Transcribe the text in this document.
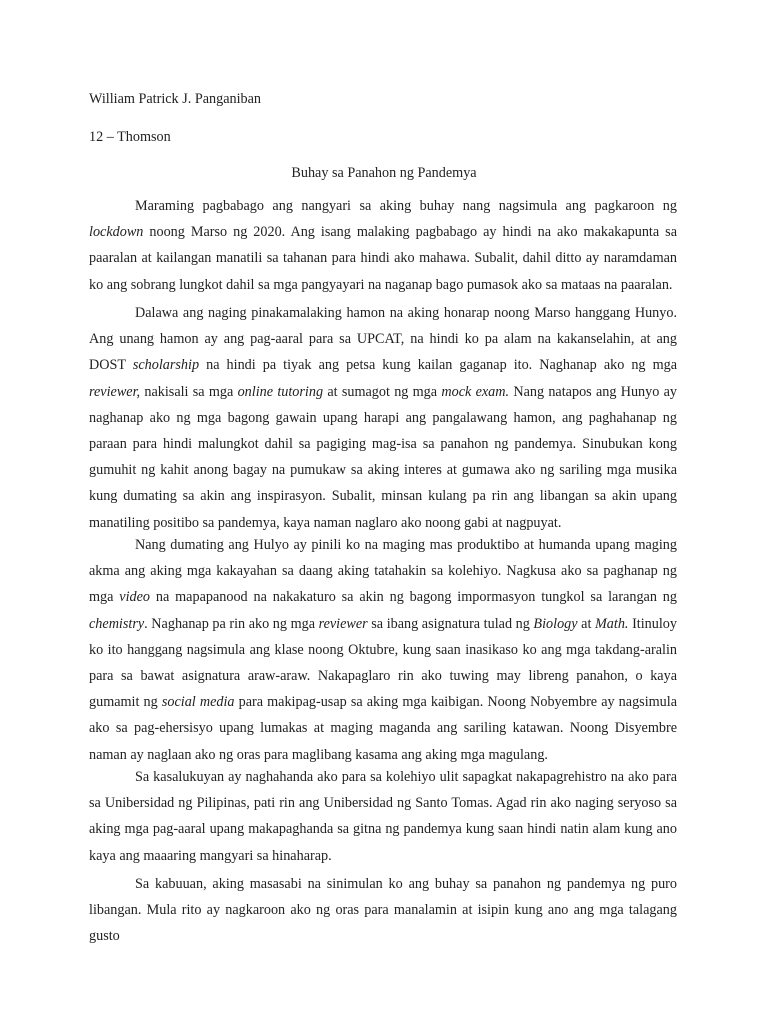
William Patrick J. Panganiban

12 – Thomson

Buhay sa Panahon ng Pandemya

Maraming pagbabago ang nangyari sa aking buhay nang nagsimula ang pagkaroon ng lockdown noong Marso ng 2020. Ang isang malaking pagbabago ay hindi na ako makakapunta sa paaralan at kailangan manatili sa tahanan para hindi ako mahawa. Subalit, dahil ditto ay naramdaman ko ang sobrang lungkot dahil sa mga pangyayari na naganap bago pumasok ako sa mataas na paaralan.

Dalawa ang naging pinakamalaking hamon na aking honarap noong Marso hanggang Hunyo. Ang unang hamon ay ang pag-aaral para sa UPCAT, na hindi ko pa alam na kakanselahin, at ang DOST scholarship na hindi pa tiyak ang petsa kung kailan gaganap ito. Naghanap ako ng mga reviewer, nakisali sa mga online tutoring at sumagot ng mga mock exam. Nang natapos ang Hunyo ay naghanap ako ng mga bagong gawain upang harapi ang pangalawang hamon, ang paghahanap ng paraan para hindi malungkot dahil sa pagiging mag-isa sa panahon ng pandemya. Sinubukan kong gumuhit ng kahit anong bagay na pumukaw sa aking interes at gumawa ako ng sariling mga musika kung dumating sa akin ang inspirasyon. Subalit, minsan kulang pa rin ang libangan sa akin upang manatiling positibo sa pandemya, kaya naman naglaro ako noong gabi at nagpuyat.

Nang dumating ang Hulyo ay pinili ko na maging mas produktibo at humanda upang maging akma ang aking mga kakayahan sa daang aking tatahakin sa kolehiyo. Nagkusa ako sa paghanap ng mga video na mapapanood na nakakaturo sa akin ng bagong impormasyon tungkol sa larangan ng chemistry. Naghanap pa rin ako ng mga reviewer sa ibang asignatura tulad ng Biology at Math. Itinuloy ko ito hanggang nagsimula ang klase noong Oktubre, kung saan inasikaso ko ang mga takdang-aralin para sa bawat asignatura araw-araw. Nakapaglaro rin ako tuwing may libreng panahon, o kaya gumamit ng social media para makipag-usap sa aking mga kaibigan. Noong Nobyembre ay nagsimula ako sa pag-ehersisyo upang lumakas at maging maganda ang sariling katawan. Noong Disyembre naman ay naglaan ako ng oras para maglibang kasama ang aking mga magulang.

Sa kasalukuyan ay naghahanda ako para sa kolehiyo ulit sapagkat nakapagrehistro na ako para sa Unibersidad ng Pilipinas, pati rin ang Unibersidad ng Santo Tomas. Agad rin ako naging seryoso sa aking mga pag-aaral upang makapaghanda sa gitna ng pandemya kung saan hindi natin alam kung ano kaya ang maaaring mangyari sa hinaharap.

Sa kabuuan, aking masasabi na sinimulan ko ang buhay sa panahon ng pandemya ng puro libangan. Mula rito ay nagkaroon ako ng oras para manalamin at isipin kung ano ang mga talagang gusto
